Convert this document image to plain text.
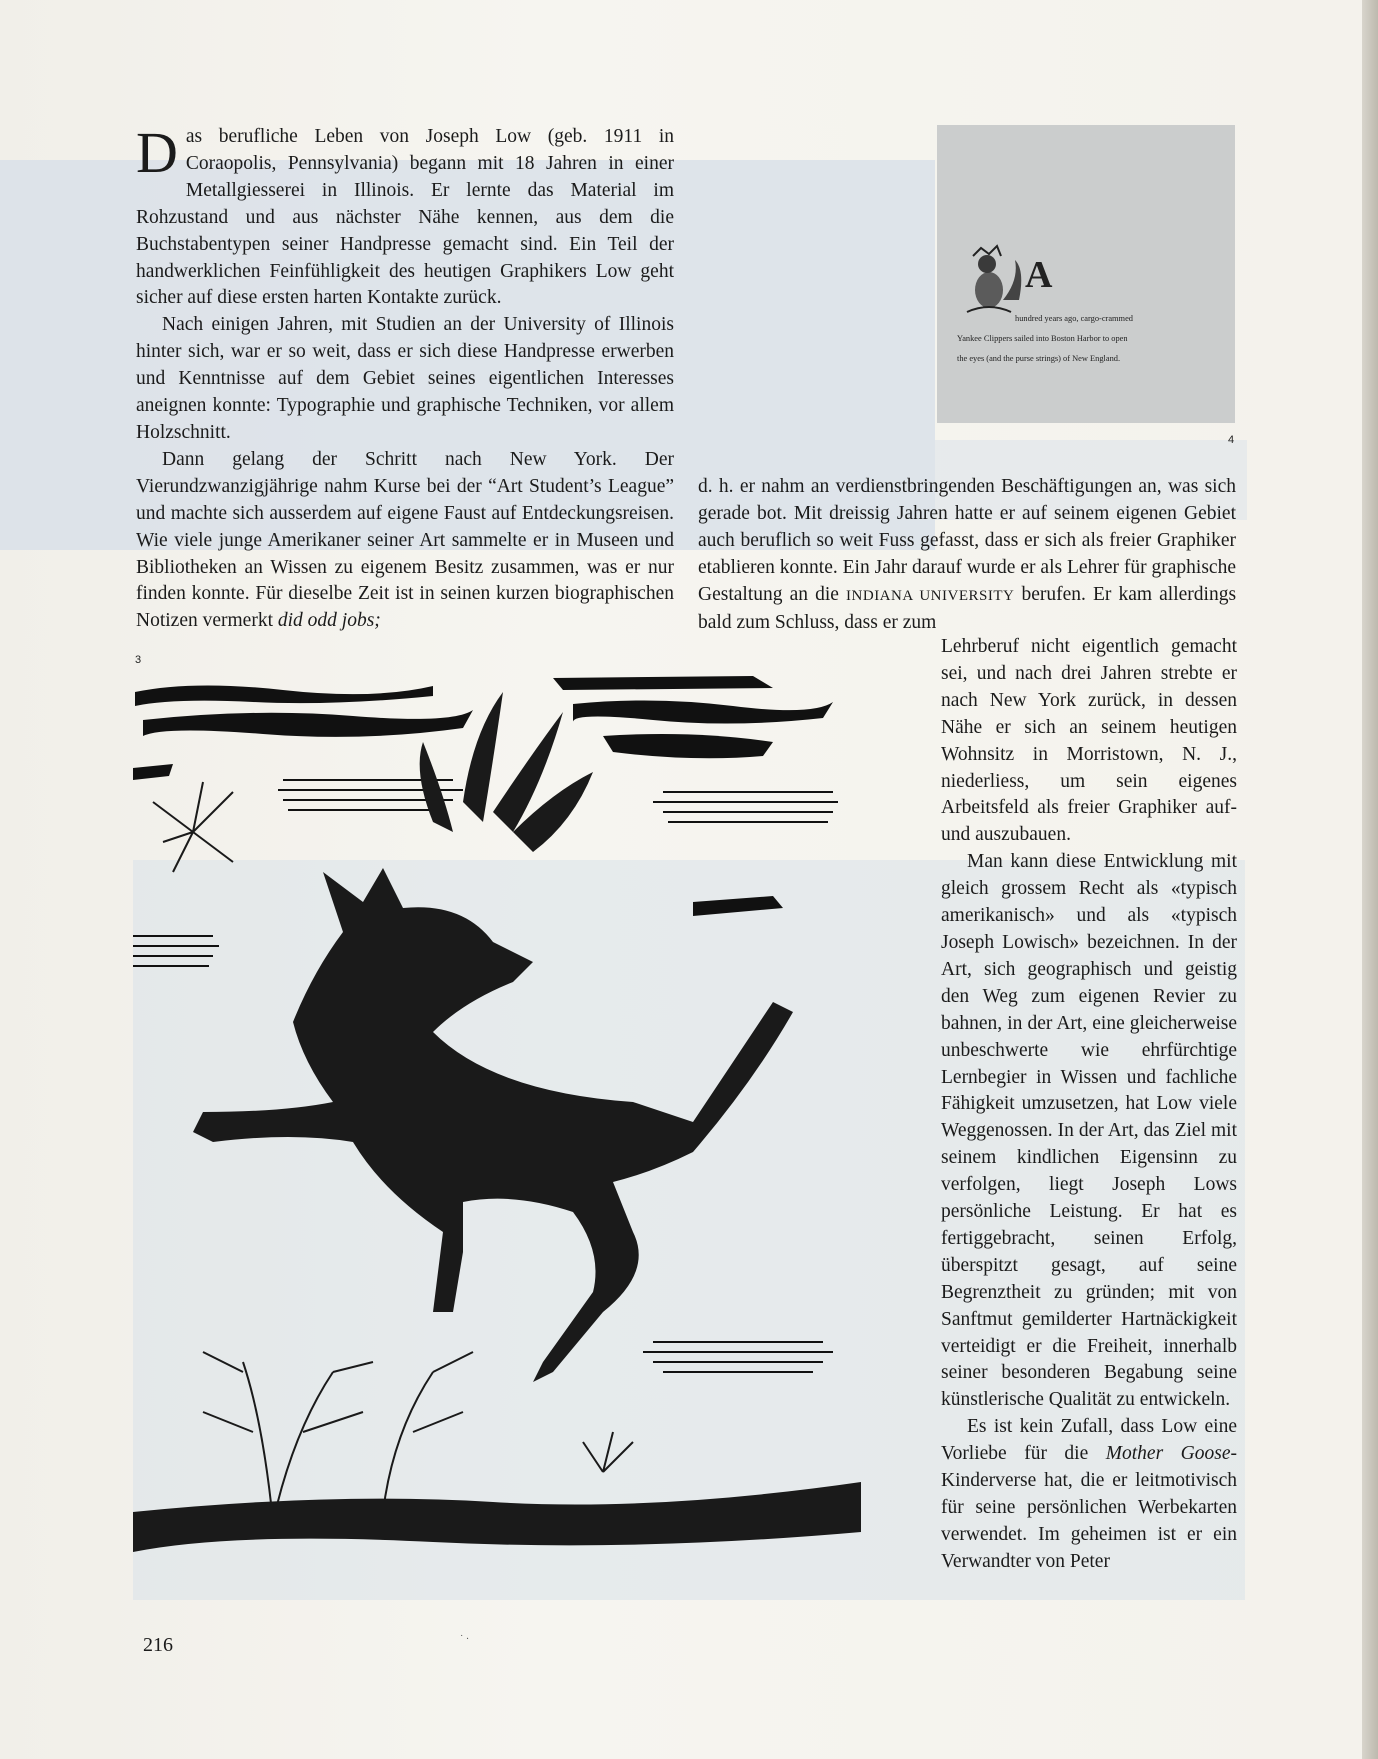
Das berufliche Leben von Joseph Low (geb. 1911 in Coraopolis, Pennsylvania) begann mit 18 Jahren in einer Metallgiesserei in Illinois. Er lernte das Material im Rohzustand und aus nächster Nähe kennen, aus dem die Buchstabentypen seiner Handpresse gemacht sind. Ein Teil der handwerklichen Feinfühligkeit des heutigen Graphikers Low geht sicher auf diese ersten harten Kontakte zurück.

Nach einigen Jahren, mit Studien an der University of Illinois hinter sich, war er so weit, dass er sich diese Handpresse erwerben und Kenntnisse auf dem Gebiet seines eigentlichen Interesses aneignen konnte: Typographie und graphische Techniken, vor allem Holzschnitt.

Dann gelang der Schritt nach New York. Der Vierundzwanzigjährige nahm Kurse bei der “Art Student’s League” und machte sich ausserdem auf eigene Faust auf Entdeckungsreisen. Wie viele junge Amerikaner seiner Art sammelte er in Museen und Bibliotheken an Wissen zu eigenem Besitz zusammen, was er nur finden konnte. Für dieselbe Zeit ist in seinen kurzen biographischen Notizen vermerkt did odd jobs;

d. h. er nahm an verdienstbringenden Beschäftigungen an, was sich gerade bot. Mit dreissig Jahren hatte er auf seinem eigenen Gebiet auch beruflich so weit Fuss gefasst, dass er sich als freier Graphiker etablieren konnte. Ein Jahr darauf wurde er als Lehrer für graphische Gestaltung an die INDIANA UNIVERSITY berufen. Er kam allerdings bald zum Schluss, dass er zum

Lehrberuf nicht eigentlich gemacht sei, und nach drei Jahren strebte er nach New York zurück, in dessen Nähe er sich an seinem heutigen Wohnsitz in Morristown, N. J., niederliess, um sein eigenes Arbeitsfeld als freier Graphiker auf- und auszubauen.

Man kann diese Entwicklung mit gleich grossem Recht als «typisch amerikanisch» und als «typisch Joseph Lowisch» bezeichnen. In der Art, sich geographisch und geistig den Weg zum eigenen Revier zu bahnen, in der Art, eine gleicherweise unbeschwerte wie ehrfürchtige Lernbegier in Wissen und fachliche Fähigkeit umzusetzen, hat Low viele Weggenossen. In der Art, das Ziel mit seinem kindlichen Eigensinn zu verfolgen, liegt Joseph Lows persönliche Leistung. Er hat es fertiggebracht, seinen Erfolg, überspitzt gesagt, auf seine Begrenztheit zu gründen; mit von Sanftmut gemilderter Hartnäckigkeit verteidigt er die Freiheit, innerhalb seiner besonderen Begabung seine künstlerische Qualität zu entwickeln.

Es ist kein Zufall, dass Low eine Vorliebe für die Mother Goose-Kinderverse hat, die er leitmotivisch für seine persönlichen Werbekarten verwendet. Im geheimen ist er ein Verwandter von Peter

A
hundred years ago, cargo-crammed
Yankee Clippers sailed into Boston Harbor to open
the eyes (and the purse strings) of New England.
4
3
˙ ·
216
